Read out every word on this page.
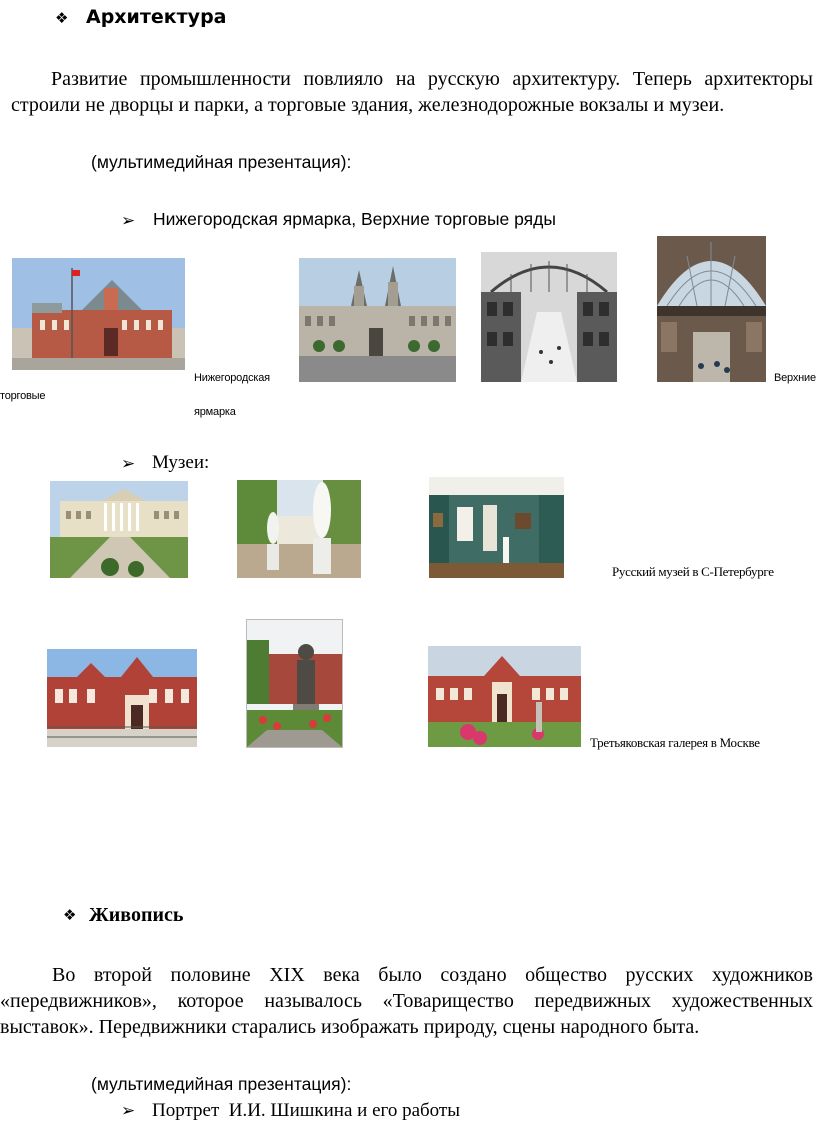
❖ Архитектура
Развитие промышленности повлияло на русскую архитектуру. Теперь архитекторы строили не дворцы и парки, а торговые здания, железнодорожные вокзалы и музеи.
(мультимедийная презентация):
➢ Нижегородская ярмарка, Верхние торговые ряды
Нижегородская
ярмарка
Верхние
торговые
➢ Музеи:
Русский музей в С-Петербурге
Третьяковская галерея в Москве
❖ Живопись
Во второй половине XIX века было создано общество русских художников «передвижников», которое называлось «Товарищество передвижных художественных выставок». Передвижники старались изображать природу, сцены народного быта.
(мультимедийная презентация):
➢ Портрет  И.И. Шишкина и его работы
